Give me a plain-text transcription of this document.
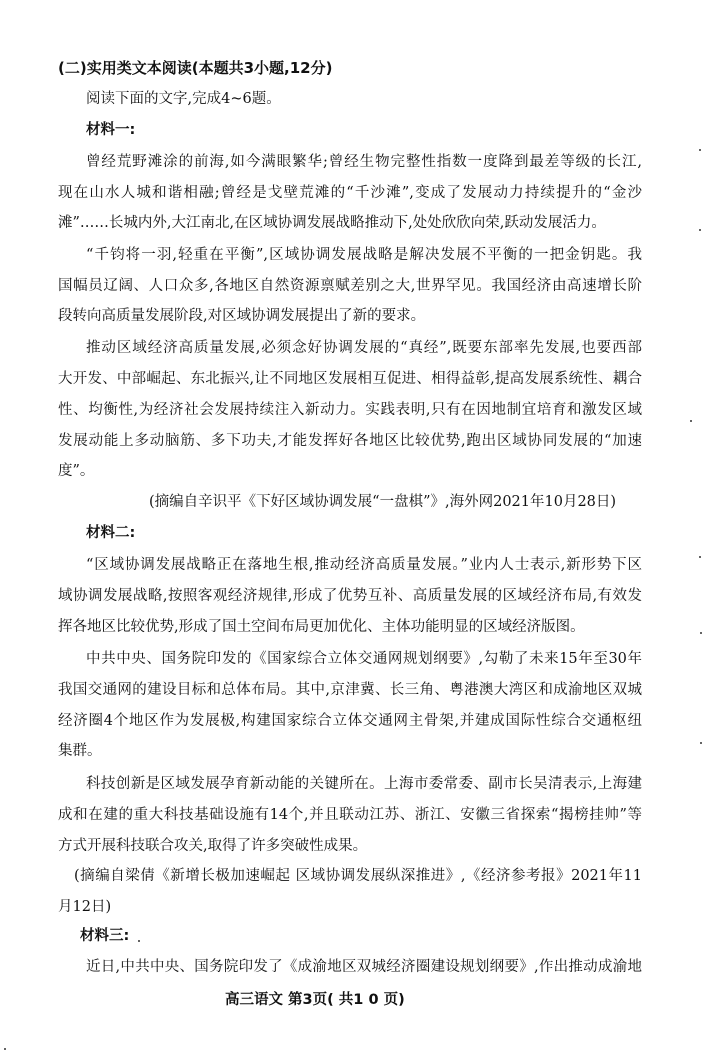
(二)实用类文本阅读(本题共3小题,12分)
阅读下面的文字,完成4~6题。
材料一:
曾经荒野滩涂的前海,如今满眼繁华;曾经生物完整性指数一度降到最差等级的长江,
现在山水人城和谐相融;曾经是戈壁荒滩的“千沙滩”,变成了发展动力持续提升的“金沙
滩”……长城内外,大江南北,在区域协调发展战略推动下,处处欣欣向荣,跃动发展活力。
“千钧将一羽,轻重在平衡”,区域协调发展战略是解决发展不平衡的一把金钥匙。我
国幅员辽阔、人口众多,各地区自然资源禀赋差别之大,世界罕见。我国经济由高速增长阶
段转向高质量发展阶段,对区域协调发展提出了新的要求。
推动区域经济高质量发展,必须念好协调发展的“真经”,既要东部率先发展,也要西部
大开发、中部崛起、东北振兴,让不同地区发展相互促进、相得益彰,提高发展系统性、耦合
性、均衡性,为经济社会发展持续注入新动力。实践表明,只有在因地制宜培育和激发区域
发展动能上多动脑筋、多下功夫,才能发挥好各地区比较优势,跑出区域协同发展的“加速
度”。
(摘编自辛识平《下好区域协调发展“一盘棋”》,海外网2021年10月28日)
材料二:
“区域协调发展战略正在落地生根,推动经济高质量发展。”业内人士表示,新形势下区
域协调发展战略,按照客观经济规律,形成了优势互补、高质量发展的区域经济布局,有效发
挥各地区比较优势,形成了国土空间布局更加优化、主体功能明显的区域经济版图。
中共中央、国务院印发的《国家综合立体交通网规划纲要》,勾勒了未来15年至30年
我国交通网的建设目标和总体布局。其中,京津冀、长三角、粤港澳大湾区和成渝地区双城
经济圈4个地区作为发展极,构建国家综合立体交通网主骨架,并建成国际性综合交通枢纽
集群。
科技创新是区域发展孕育新动能的关键所在。上海市委常委、副市长吴清表示,上海建
成和在建的重大科技基础设施有14个,并且联动江苏、浙江、安徽三省探索“揭榜挂帅”等
方式开展科技联合攻关,取得了许多突破性成果。
(摘编自梁倩《新增长极加速崛起 区域协调发展纵深推进》,《经济参考报》2021年11
月12日)
材料三:
近日,中共中央、国务院印发了《成渝地区双城经济圈建设规划纲要》,作出推动成渝地
高三语文 第3页( 共1 0 页)
